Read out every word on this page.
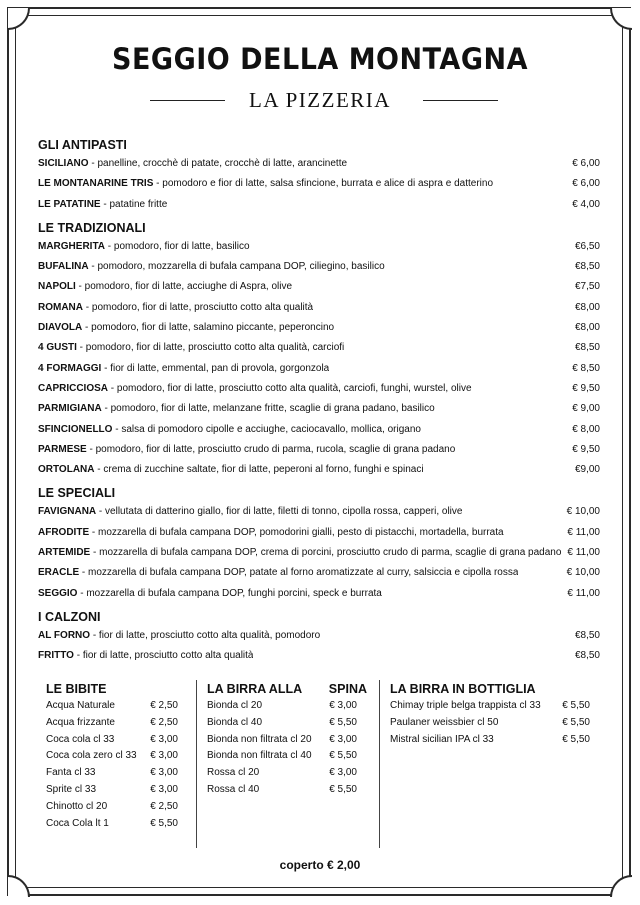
SEGGIO DELLA MONTAGNA
LA PIZZERIA
GLI ANTIPASTI
SICILIANO - panelline, crocchè di patate, crocchè di latte, arancinette	€ 6,00
LE MONTANARINE TRIS - pomodoro e fior di latte, salsa sfincione, burrata e alice di aspra e datterino	€ 6,00
LE PATATINE - patatine fritte	€ 4,00
LE TRADIZIONALI
MARGHERITA - pomodoro, fior di latte, basilico	€6,50
BUFALINA - pomodoro, mozzarella di bufala campana DOP, ciliegino, basilico	€8,50
NAPOLI - pomodoro, fior di latte, acciughe di Aspra, olive	€7,50
ROMANA - pomodoro, fior di latte, prosciutto cotto alta qualità	€8,00
DIAVOLA - pomodoro, fior di latte, salamino piccante, peperoncino	€8,00
4 GUSTI - pomodoro, fior di latte, prosciutto cotto alta qualità, carciofi	€8,50
4 FORMAGGI - fior di latte, emmental, pan di provola, gorgonzola	€ 8,50
CAPRICCIOSA - pomodoro, fior di latte, prosciutto cotto alta qualità, carciofi, funghi, wurstel, olive	€ 9,50
PARMIGIANA - pomodoro, fior di latte, melanzane fritte, scaglie di grana padano, basilico	€ 9,00
SFINCIONELLO - salsa di pomodoro cipolle e acciughe, caciocavallo, mollica, origano	€ 8,00
PARMESE - pomodoro, fior di latte, prosciutto crudo di parma, rucola, scaglie di grana padano	€ 9,50
ORTOLANA - crema di zucchine saltate, fior di latte, peperoni al forno, funghi e spinaci	€9,00
LE SPECIALI
FAVIGNANA - vellutata di datterino giallo, fior di latte, filetti di tonno, cipolla rossa, capperi, olive	€ 10,00
AFRODITE - mozzarella di bufala campana DOP, pomodorini gialli, pesto di pistacchi, mortadella, burrata	€ 11,00
ARTEMIDE - mozzarella di bufala campana DOP, crema di porcini, prosciutto crudo di parma, scaglie di grana padano € 11,00
ERACLE - mozzarella di bufala campana DOP, patate al forno aromatizzate al curry, salsiccia e cipolla rossa	€ 10,00
SEGGIO - mozzarella di bufala campana DOP, funghi porcini, speck e burrata	€ 11,00
I CALZONI
AL FORNO - fior di latte, prosciutto cotto alta qualità, pomodoro	€8,50
FRITTO - fior di latte, prosciutto cotto alta qualità	€8,50
LE BIBITE
Acqua Naturale	€ 2,50
Acqua frizzante	€ 2,50
Coca cola cl 33	€ 3,00
Coca cola zero cl 33 € 3,00
Fanta cl 33	€ 3,00
Sprite cl 33	€ 3,00
Chinotto cl 20	€ 2,50
Coca Cola lt 1	€ 5,50
LA BIRRA ALLA SPINA
Bionda cl 20	€ 3,00
Bionda cl 40	€ 5,50
Bionda non filtrata cl 20 € 3,00
Bionda non filtrata cl 40 € 5,50
Rossa cl 20	€ 3,00
Rossa cl 40	€ 5,50
LA BIRRA IN BOTTIGLIA
Chimay triple belga trappista cl 33 € 5,50
Paulaner weissbier cl 50	€ 5,50
Mistral sicilian IPA cl 33	€ 5,50
coperto € 2,00
